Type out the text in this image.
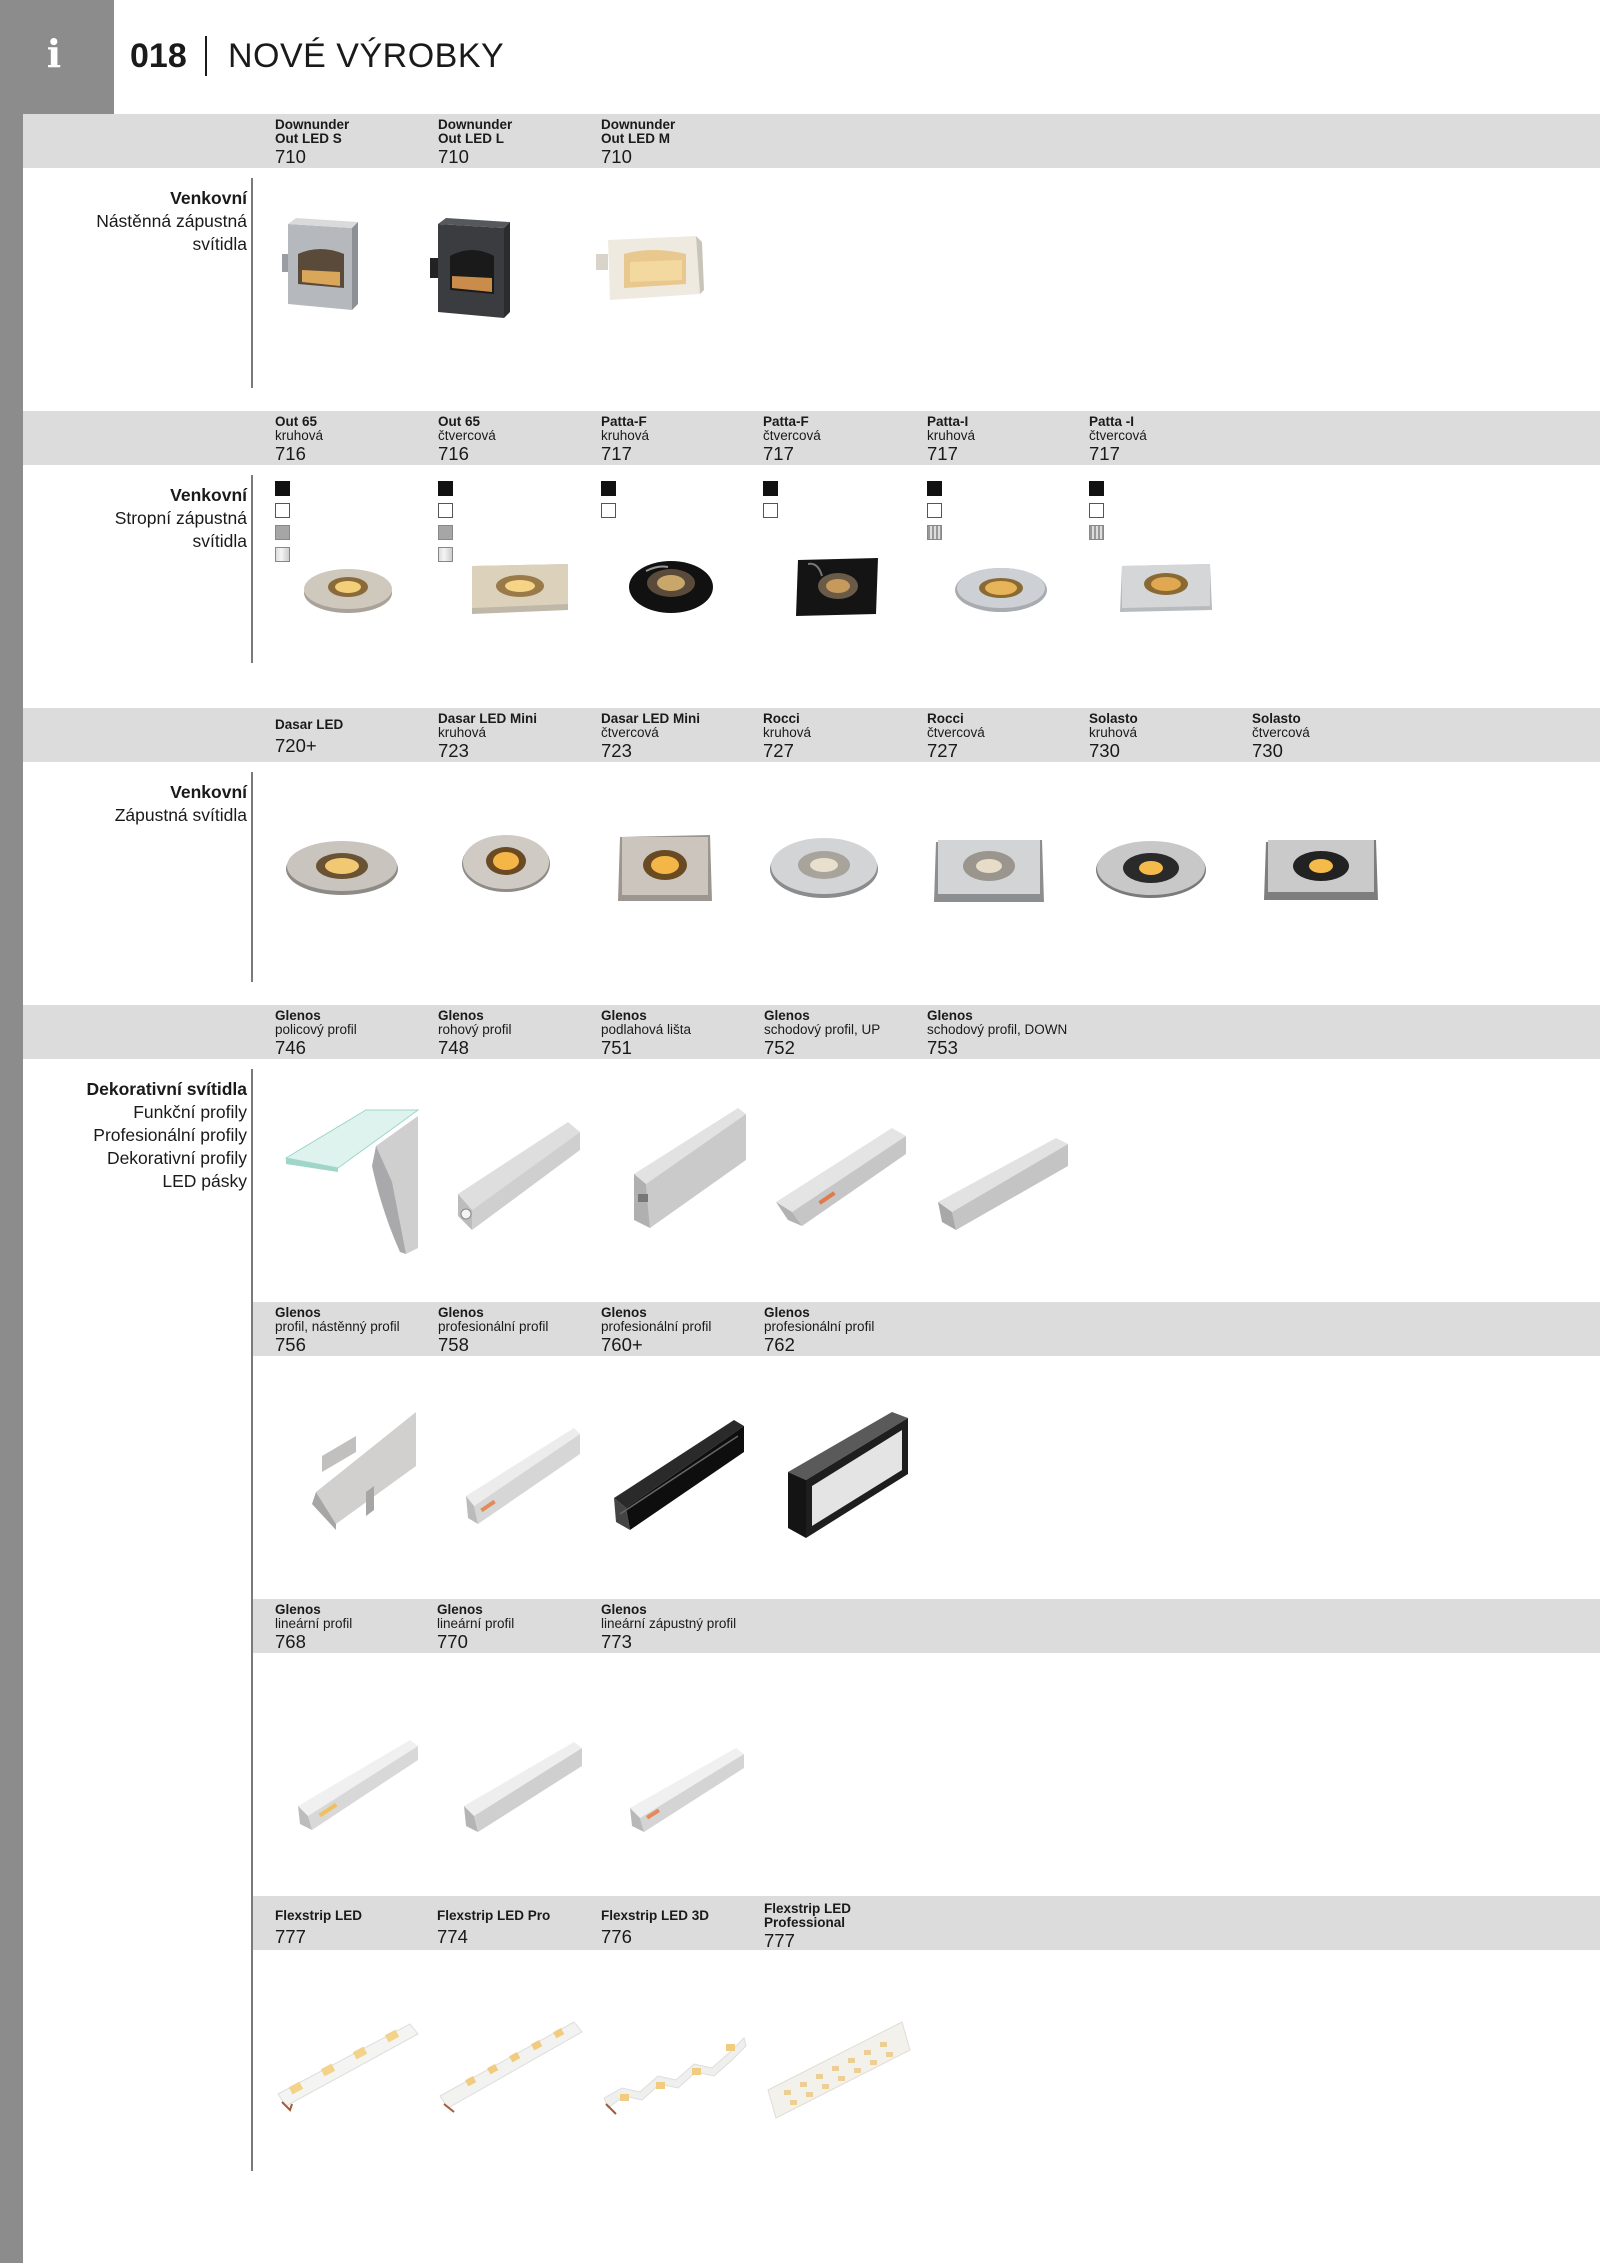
i 018 NOVÉ VÝROBKY
Venkovní
Nástěnná zápustná
svítidla
Venkovní
Stropní zápustná
svítidla
Venkovní
Zápustná svítidla
Dekorativní svítidla
Funkční profily
Profesionální profily
Dekorativní profily
LED pásky
Downunder
Out LED S
710
Downunder
Out LED L
710
Downunder
Out LED M
710
Out 65
kruhová
716
Out 65
čtvercová
716
Patta-F
kruhová
717
Patta-F
čtvercová
717
Patta-I
kruhová
717
Patta -I
čtvercová
717
Dasar LED
720+
Dasar LED Mini
kruhová
723
Dasar LED Mini
čtvercová
723
Rocci
kruhová
727
Rocci
čtvercová
727
Solasto
kruhová
730
Solasto
čtvercová
730
Glenos
policový profil
746
Glenos
rohový profil
748
Glenos
podlahová lišta
751
Glenos
schodový profil, UP
752
Glenos
schodový profil, DOWN
753
Glenos
profil, nástěnný profil
756
Glenos
profesionální profil
758
Glenos
profesionální profil
760+
Glenos
profesionální profil
762
Glenos
lineární profil
768
Glenos
lineární profil
770
Glenos
lineární zápustný profil
773
Flexstrip LED
777
Flexstrip LED Pro
774
Flexstrip LED 3D
776
Flexstrip LED
Professional
777
